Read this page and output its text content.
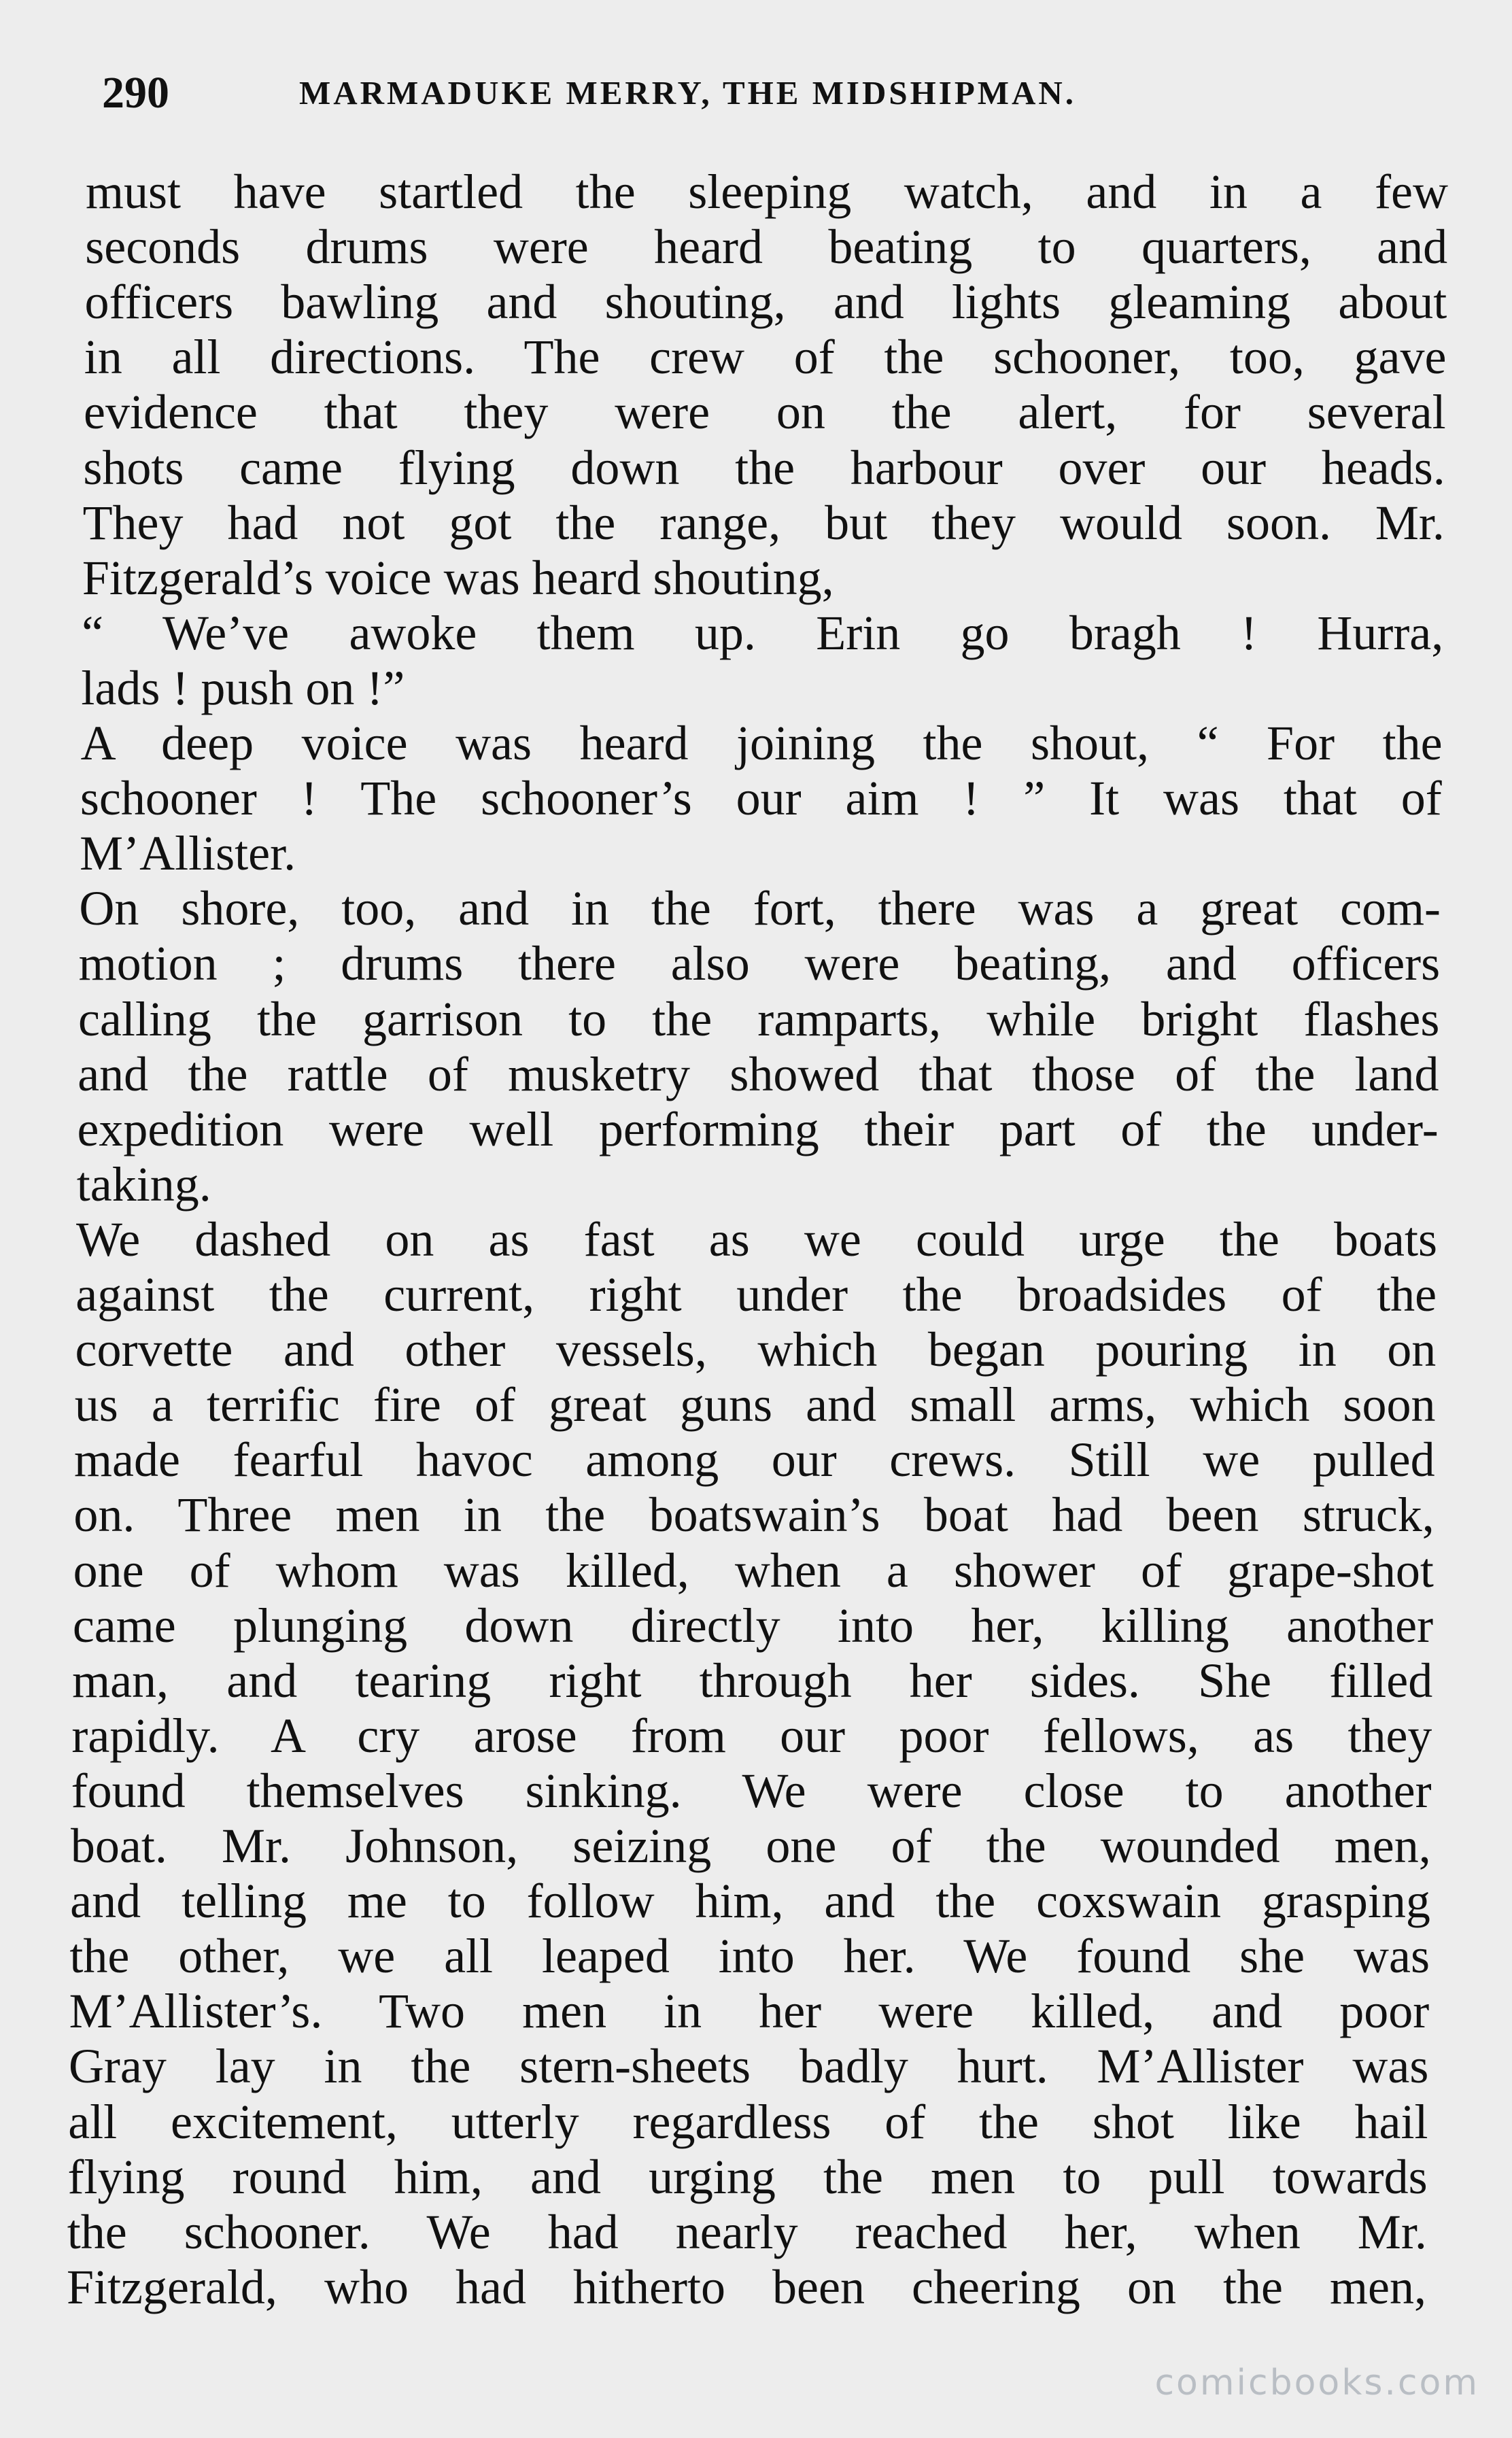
290	MARMADUKE MERRY, THE MIDSHIPMAN.
must have startled the sleeping watch, and in a few
seconds drums were heard beating to quarters, and
officers bawling and shouting, and lights gleaming about
in all directions. The crew of the schooner, too, gave
evidence that they were on the alert, for several
shots came flying down the harbour over our heads.
They had not got the range, but they would soon. Mr.
Fitzgerald’s voice was heard shouting,
“ We’ve awoke them up. Erin go bragh ! Hurra,
lads ! push on !”
A deep voice was heard joining the shout, “ For the
schooner ! The schooner’s our aim ! ” It was that of
M’Allister.
On shore, too, and in the fort, there was a great com-
motion ; drums there also were beating, and officers
calling the garrison to the ramparts, while bright flashes
and the rattle of musketry showed that those of the land
expedition were well performing their part of the under-
taking.
We dashed on as fast as we could urge the boats
against the current, right under the broadsides of the
corvette and other vessels, which began pouring in on
us a terrific fire of great guns and small arms, which soon
made fearful havoc among our crews. Still we pulled
on. Three men in the boatswain’s boat had been struck,
one of whom was killed, when a shower of grape-shot
came plunging down directly into her, killing another
man, and tearing right through her sides. She filled
rapidly. A cry arose from our poor fellows, as they
found themselves sinking. We were close to another
boat. Mr. Johnson, seizing one of the wounded men,
and telling me to follow him, and the coxswain grasping
the other, we all leaped into her. We found she was
M’Allister’s. Two men in her were killed, and poor
Gray lay in the stern-sheets badly hurt. M’Allister was
all excitement, utterly regardless of the shot like hail
flying round him, and urging the men to pull towards
the schooner. We had nearly reached her, when Mr.
Fitzgerald, who had hitherto been cheering on the men,
comicbooks.com
